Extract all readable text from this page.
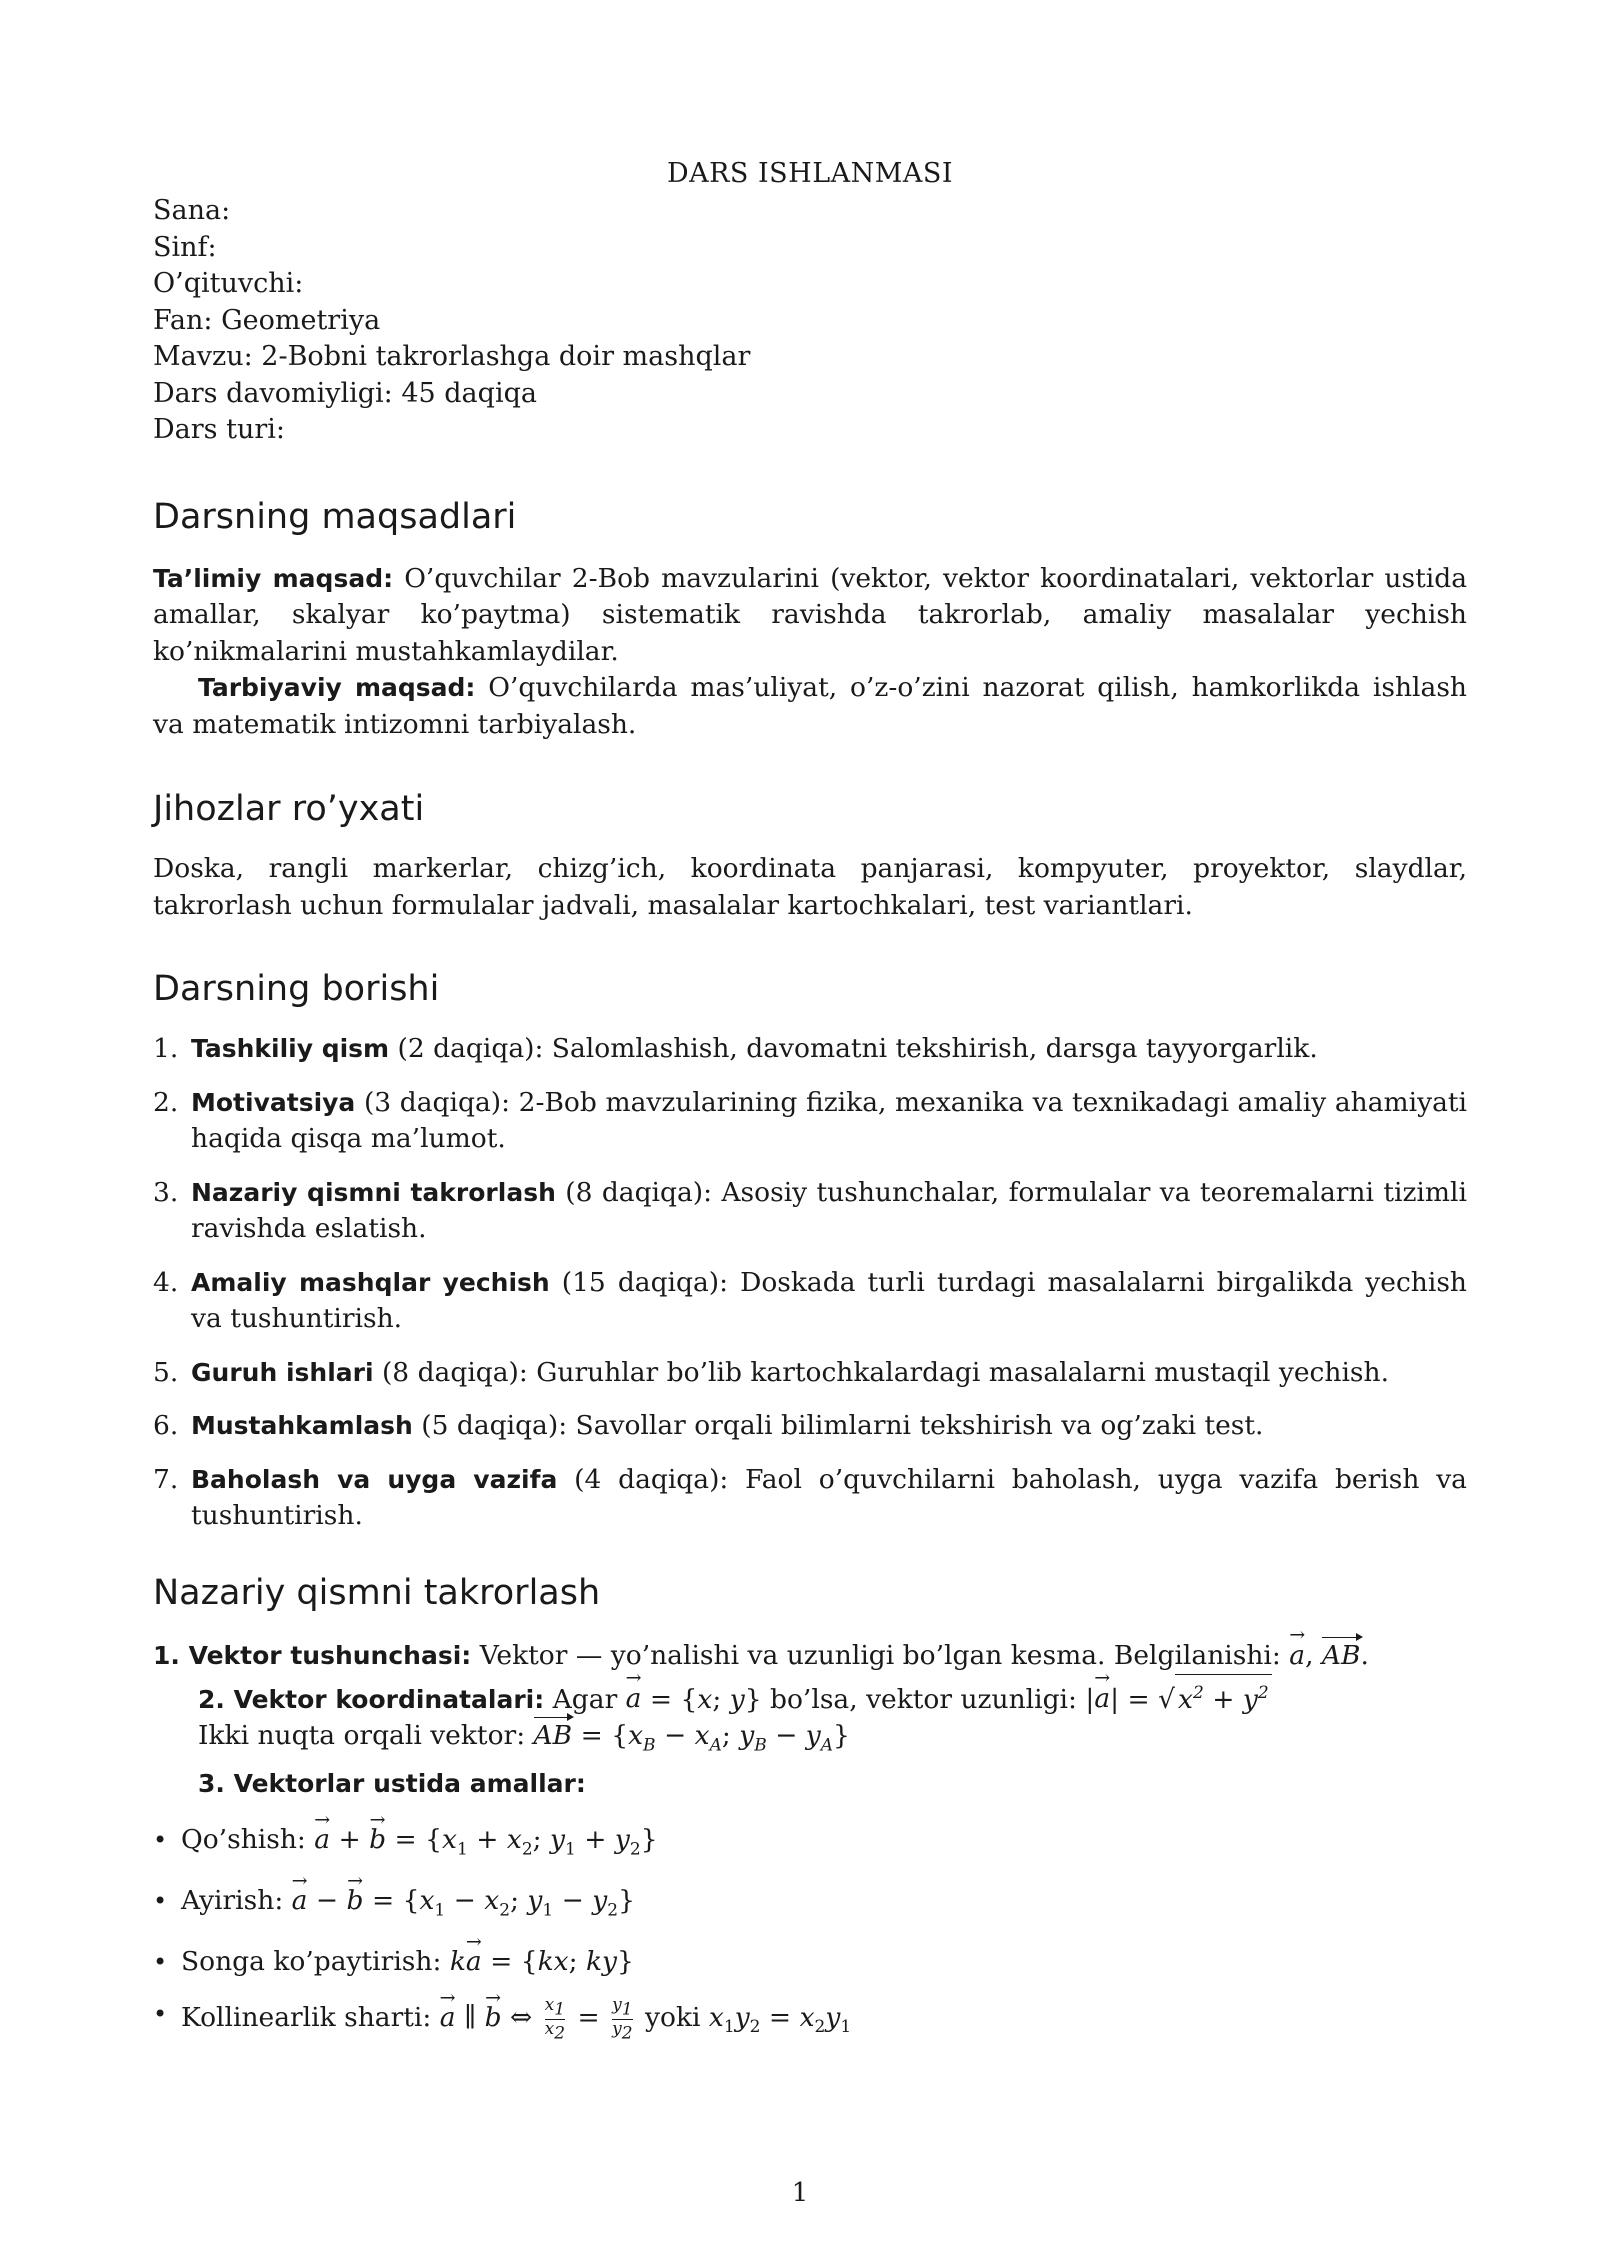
DARS ISHLANMASI
Sana:
Sinf:
O’qituvchi:
Fan: Geometriya
Mavzu: 2-Bobni takrorlashga doir mashqlar
Dars davomiyligi: 45 daqiqa
Dars turi:
Darsning maqsadlari

Ta’limiy maqsad: O’quvchilar 2-Bob mavzularini (vektor, vektor koordinatalari, vektorlar ustida amallar, skalyar ko’paytma) sistematik ravishda takrorlab, amaliy masalalar yechish ko’nikmalarini mustahkamlaydilar.

Tarbiyaviy maqsad: O’quvchilarda mas’uliyat, o’z-o’zini nazorat qilish, hamkorlikda ishlash va matematik intizomni tarbiyalash.

Jihozlar ro’yxati

Doska, rangli markerlar, chizg’ich, koordinata panjarasi, kompyuter, proyektor, slaydlar, takrorlash uchun formulalar jadvali, masalalar kartochkalari, test variantlari.

Darsning borishi
1. Tashkiliy qism (2 daqiqa): Salomlashish, davomatni tekshirish, darsga tayyorgarlik.
2. Motivatsiya (3 daqiqa): 2-Bob mavzularining fizika, mexanika va texnikadagi amaliy ahamiyati haqida qisqa ma’lumot.
3. Nazariy qismni takrorlash (8 daqiqa): Asosiy tushunchalar, formulalar va teoremalarni tizimli ravishda eslatish.
4. Amaliy mashqlar yechish (15 daqiqa): Doskada turli turdagi masalalarni birgalikda yechish va tushuntirish.
5. Guruh ishlari (8 daqiqa): Guruhlar bo’lib kartochkalardagi masalalarni mustaqil yechish.
6. Mustahkamlash (5 daqiqa): Savollar orqali bilimlarni tekshirish va og’zaki test.
7. Baholash va uyga vazifa (4 daqiqa): Faol o’quvchilarni baholash, uyga vazifa berish va tushuntirish.
Nazariy qismni takrorlash
1. Vektor tushunchasi: Vektor — yo’nalishi va uzunligi bo’lgan kesma. Belgilanishi: → a, AB.
2. Vektor koordinatalari: Agar → a = {x; y} bo’lsa, vektor uzunligi: |→ a| = √ $x^2 + y^2$
Ikki nuqta orqali vektor: AB = {$x_B - x_A$; $y_B - y_A$}
3. Vektorlar ustida amallar:
• Qo’shish: → a + → $b = \{x_1 + x_2$; $y_1 + y_2$}
• Ayirish: → a − → $b = \{x_1 - x_2$; $y_1 - y_2$}
• Songa ko’paytirish: k→ a = {kx; ky}
• Kollinearlik sharti: → a ∥ → b ⇔ $\frac{x_1}{x_2} = \frac{y_1}{y_2}$ yoki $x_1y_2 = x_2y_1$
1
